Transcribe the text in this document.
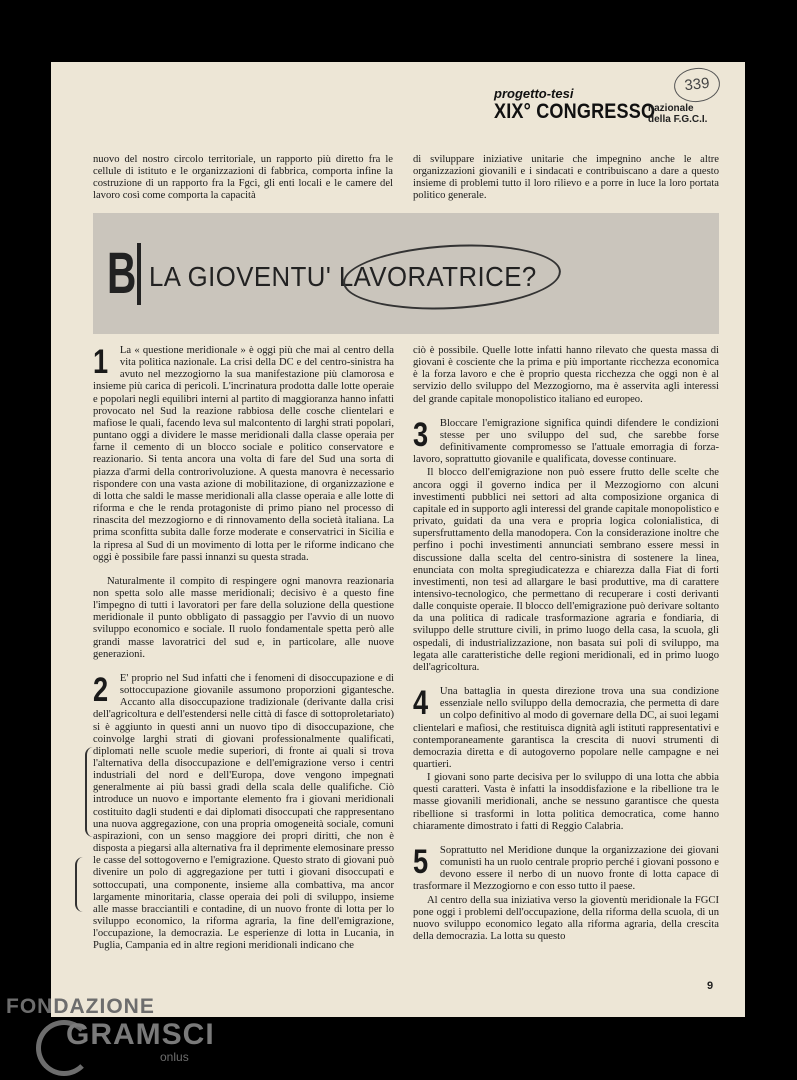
339
progetto-tesi
XIX° CONGRESSO
nazionale
della F.G.C.I.

nuovo del nostro circolo territoriale, un rapporto più diretto fra le cellule di istituto e le organizzazioni di fabbrica, comporta infine la costruzione di un rapporto fra la Fgci, gli enti locali e le camere del lavoro così come comporta la capacità

di sviluppare iniziative unitarie che impegnino anche le altre organizzazioni giovanili e i sindacati e contribuiscano a dare a questo insieme di problemi tutto il loro rilievo e a porre in luce la loro portata politico generale.

B LA GIOVENTU' LAVORATRICE?
1	La « questione meridionale » è oggi più che mai al centro della vita politica nazionale. La crisi della DC e del centro-sinistra ha avuto nel mezzogiorno la sua manifestazione più clamorosa e insieme più carica di pericoli. L'incrinatura prodotta dalle lotte operaie e popolari negli equilibri interni al partito di maggioranza hanno infatti provocato nel Sud la reazione rabbiosa delle cosche clientelari e mafiose le quali, facendo leva sul malcontento di larghi strati popolari, puntano oggi a dividere le masse meridionali dalla classe operaia per farne il cemento di un blocco sociale e politico conservatore e reazionario. Si tenta ancora una volta di fare del Sud una sorta di piazza d'armi della controrivoluzione. A questa manovra è necessario rispondere con una vasta azione di mobilitazione, di organizzazione e di lotta che saldi le masse meridionali alla classe operaia e alle lotte di riforma e che le renda protagoniste di primo piano nel processo di rinascita del mezzogiorno e di rinnovamento della società italiana. La prima sconfitta subita dalle forze moderate e conservatrici in Sicilia e la ripresa al Sud di un movimento di lotta per le riforme indicano che oggi è possibile fare passi innanzi su questa strada.

Naturalmente il compito di respingere ogni manovra reazionaria non spetta solo alle masse meridionali; decisivo è a questo fine l'impegno di tutti i lavoratori per fare della soluzione della questione meridionale il punto obbligato di passaggio per l'avvio di un nuovo sviluppo economico e sociale. Il ruolo fondamentale spetta però alle grandi masse lavoratrici del sud e, in particolare, alle nuove generazioni.

2	E' proprio nel Sud infatti che i fenomeni di disoccupazione e di sottoccupazione giovanile assumono proporzioni gigantesche. Accanto alla disoccupazione tradizionale (derivante dalla crisi dell'agricoltura e dell'estendersi nelle città di fasce di sottoproletariato) si è aggiunto in questi anni un nuovo tipo di disoccupazione, che coinvolge larghi strati di giovani professionalmente qualificati, diplomati nelle scuole medie superiori, di fronte ai quali si trova l'alternativa della disoccupazione e dell'emigrazione verso i centri industriali del nord e dell'Europa, dove vengono impegnati generalmente ai più bassi gradi della scala delle qualifiche. Ciò introduce un nuovo e importante elemento fra i giovani meridionali costituito dagli studenti e dai diplomati disoccupati che rappresentano una nuova aggregazione, con una propria omogeneità sociale, comuni aspirazioni, con un senso maggiore dei propri diritti, che non è disposta a piegarsi alla alternativa fra il deprimente elemosinare presso le casse del sottogoverno e l'emigrazione. Questo strato di giovani può divenire un polo di aggregazione per tutti i giovani disoccupati e sottoccupati, una componente, insieme alla combattiva, ma ancor largamente minoritaria, classe operaia dei poli di sviluppo, insieme alle masse bracciantili e contadine, di un nuovo fronte di lotta per lo sviluppo economico, la riforma agraria, la fine dell'emigrazione, l'occupazione, la democrazia. Le esperienze di lotta in Lucania, in Puglia, Campania ed in altre regioni meridionali indicano che

ciò è possibile. Quelle lotte infatti hanno rilevato che questa massa di giovani è cosciente che la prima e più importante ricchezza economica è la forza lavoro e che è proprio questa ricchezza che oggi non è al servizio dello sviluppo del Mezzogiorno, ma è asservita agli interessi del grande capitale monopolistico italiano ed europeo.

3	Bloccare l'emigrazione significa quindi difendere le condizioni stesse per uno sviluppo del sud, che sarebbe forse definitivamente compromesso se l'attuale emorragia di forza-lavoro, soprattutto giovanile e qualificata, dovesse continuare.

Il blocco dell'emigrazione non può essere frutto delle scelte che ancora oggi il governo indica per il Mezzogiorno con alcuni investimenti pubblici nei settori ad alta composizione organica di capitale ed in supporto agli interessi del grande capitale monopolistico e privato, guidati da una vera e propria logica colonialistica, di supersfruttamento della manodopera. Con la considerazione inoltre che perfino i pochi investimenti annunciati sembrano essere messi in discussione dalla scelta del centro-sinistra di sostenere la linea, enunciata con molta spregiudicatezza e chiarezza dalla Fiat di forti investimenti, non tesi ad allargare le basi produttive, ma di carattere intensivo-tecnologico, che permettano di recuperare i costi derivanti dalle conquiste operaie. Il blocco dell'emigrazione può derivare soltanto da una politica di radicale trasformazione agraria e fondiaria, di sviluppo delle strutture civili, in primo luogo della casa, la scuola, gli ospedali, di industrializzazione, non basata sui poli di sviluppo, ma legata alle caratteristiche delle regioni meridionali, ed in primo luogo dell'agricoltura.

4	Una battaglia in questa direzione trova una sua condizione essenziale nello sviluppo della democrazia, che permetta di dare un colpo definitivo al modo di governare della DC, ai suoi legami clientelari e mafiosi, che restituisca dignità agli istituti rappresentativi e contemporaneamente garantisca la crescita di nuovi strumenti di democrazia diretta e di autogoverno popolare nelle campagne e nei quartieri.

I giovani sono parte decisiva per lo sviluppo di una lotta che abbia questi caratteri. Vasta è infatti la insoddisfazione e la ribellione tra le masse giovanili meridionali, anche se nessuno garantisce che questa ribellione si trasformi in lotta politica democratica, come hanno chiaramente dimostrato i fatti di Reggio Calabria.

5	Soprattutto nel Meridione dunque la organizzazione dei giovani comunisti ha un ruolo centrale proprio perché i giovani possono e devono essere il nerbo di un nuovo fronte di lotta capace di trasformare il Mezzogiorno e con esso tutto il paese.

Al centro della sua iniziativa verso la gioventù meridionale la FGCI pone oggi i problemi dell'occupazione, della riforma della scuola, di un nuovo sviluppo economico legato alla riforma agraria, della crescita della democrazia. La lotta su questo

9
FONDAZIONE
GRAMSCI
onlus
